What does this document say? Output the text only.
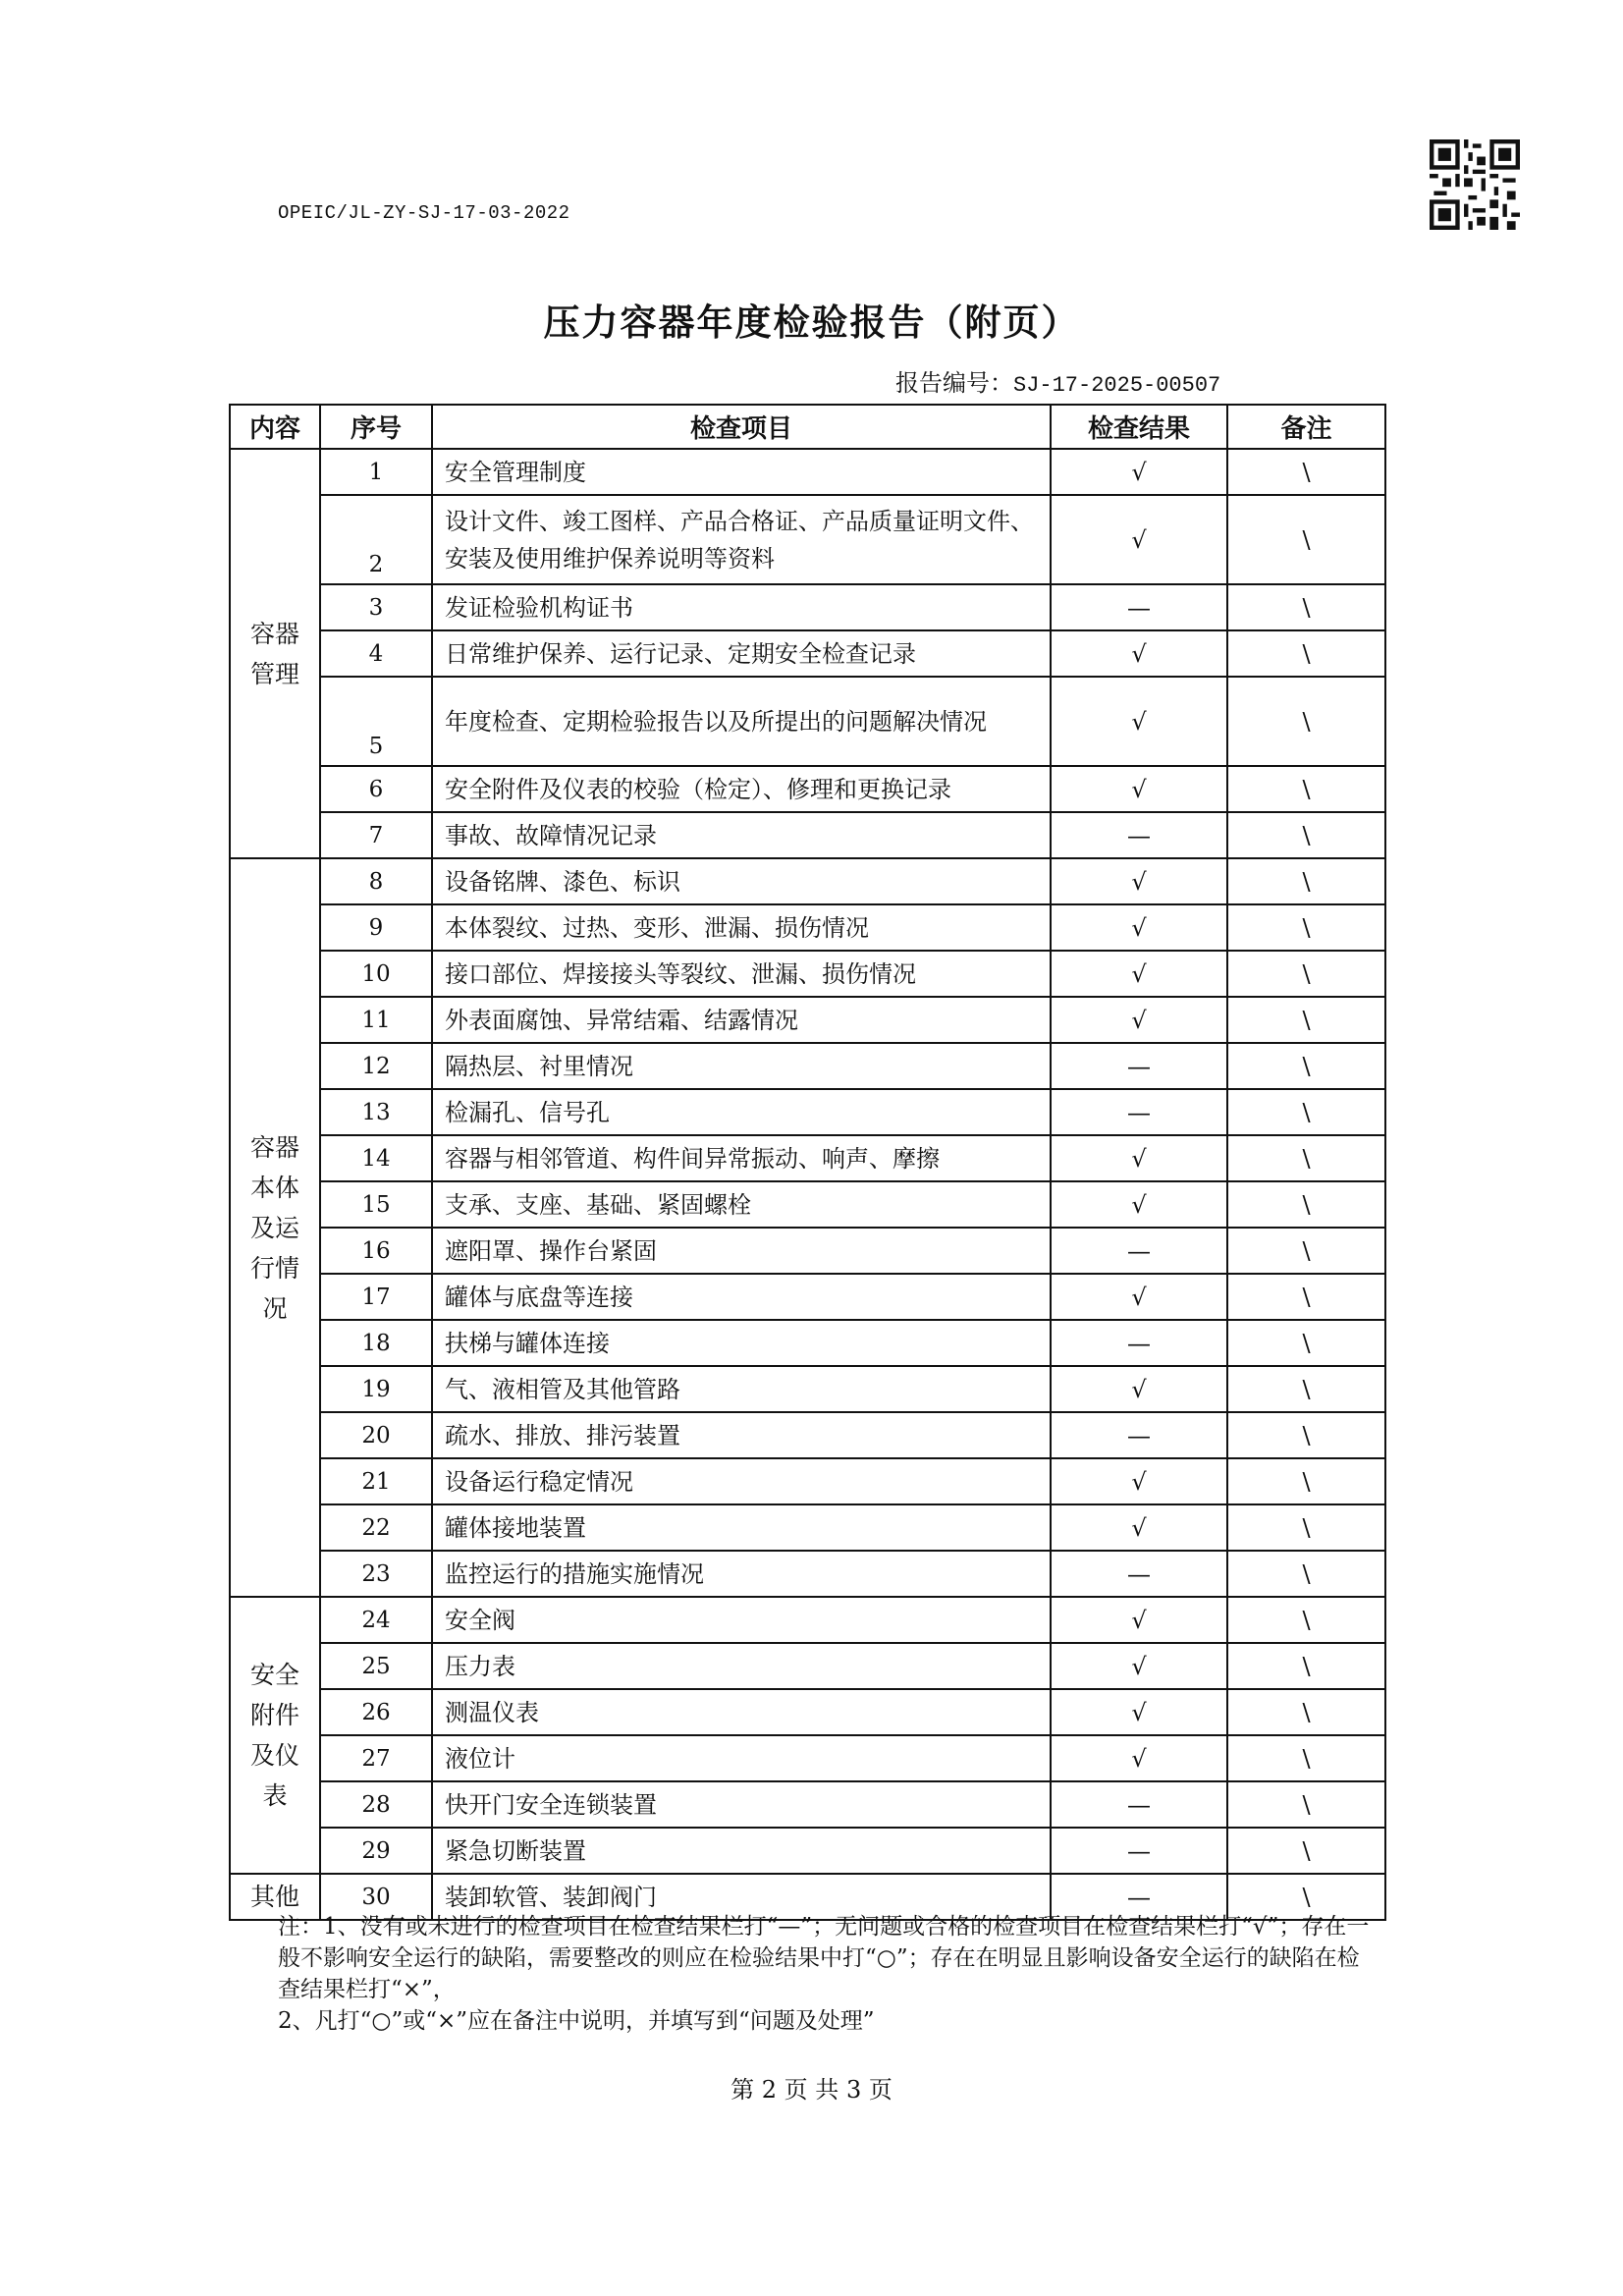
OPEIC/JL-ZY-SJ-17-03-2022
压力容器年度检验报告（附页）
报告编号：SJ-17-2025-00507
内容	序号	检查项目	检查结果	备注

容器管理	1	安全管理制度	√	\
	2	设计文件、竣工图样、产品合格证、产品质量证明文件、安装及使用维护保养说明等资料	√	\
	3	发证检验机构证书	—	\
	4	日常维护保养、运行记录、定期安全检查记录	√	\
	5	年度检查、定期检验报告以及所提出的问题解决情况	√	\
	6	安全附件及仪表的校验（检定）、修理和更换记录	√	\
	7	事故、故障情况记录	—	\

容器本体及运行情况	8	设备铭牌、漆色、标识	√	\
	9	本体裂纹、过热、变形、泄漏、损伤情况	√	\
	10	接口部位、焊接接头等裂纹、泄漏、损伤情况	√	\
	11	外表面腐蚀、异常结霜、结露情况	√	\
	12	隔热层、衬里情况	—	\
	13	检漏孔、信号孔	—	\
	14	容器与相邻管道、构件间异常振动、响声、摩擦	√	\
	15	支承、支座、基础、紧固螺栓	√	\
	16	遮阳罩、操作台紧固	—	\
	17	罐体与底盘等连接	√	\
	18	扶梯与罐体连接	—	\
	19	气、液相管及其他管路	√	\
	20	疏水、排放、排污装置	—	\
	21	设备运行稳定情况	√	\
	22	罐体接地装置	√	\
	23	监控运行的措施实施情况	—	\

安全附件及仪表	24	安全阀	√	\
	25	压力表	√	\
	26	测温仪表	√	\
	27	液位计	√	\
	28	快开门安全连锁装置	—	\
	29	紧急切断装置	—	\
其他	30	装卸软管、装卸阀门	—	\

注：1、没有或未进行的检查项目在检查结果栏打“—”；无问题或合格的检查项目在检查结果栏打“√”；存在一般不影响安全运行的缺陷，需要整改的则应在检验结果中打“○”；存在在明显且影响设备安全运行的缺陷在检查结果栏打“×”，

2、凡打“○”或“×”应在备注中说明，并填写到“问题及处理”

第 2 页 共 3 页
